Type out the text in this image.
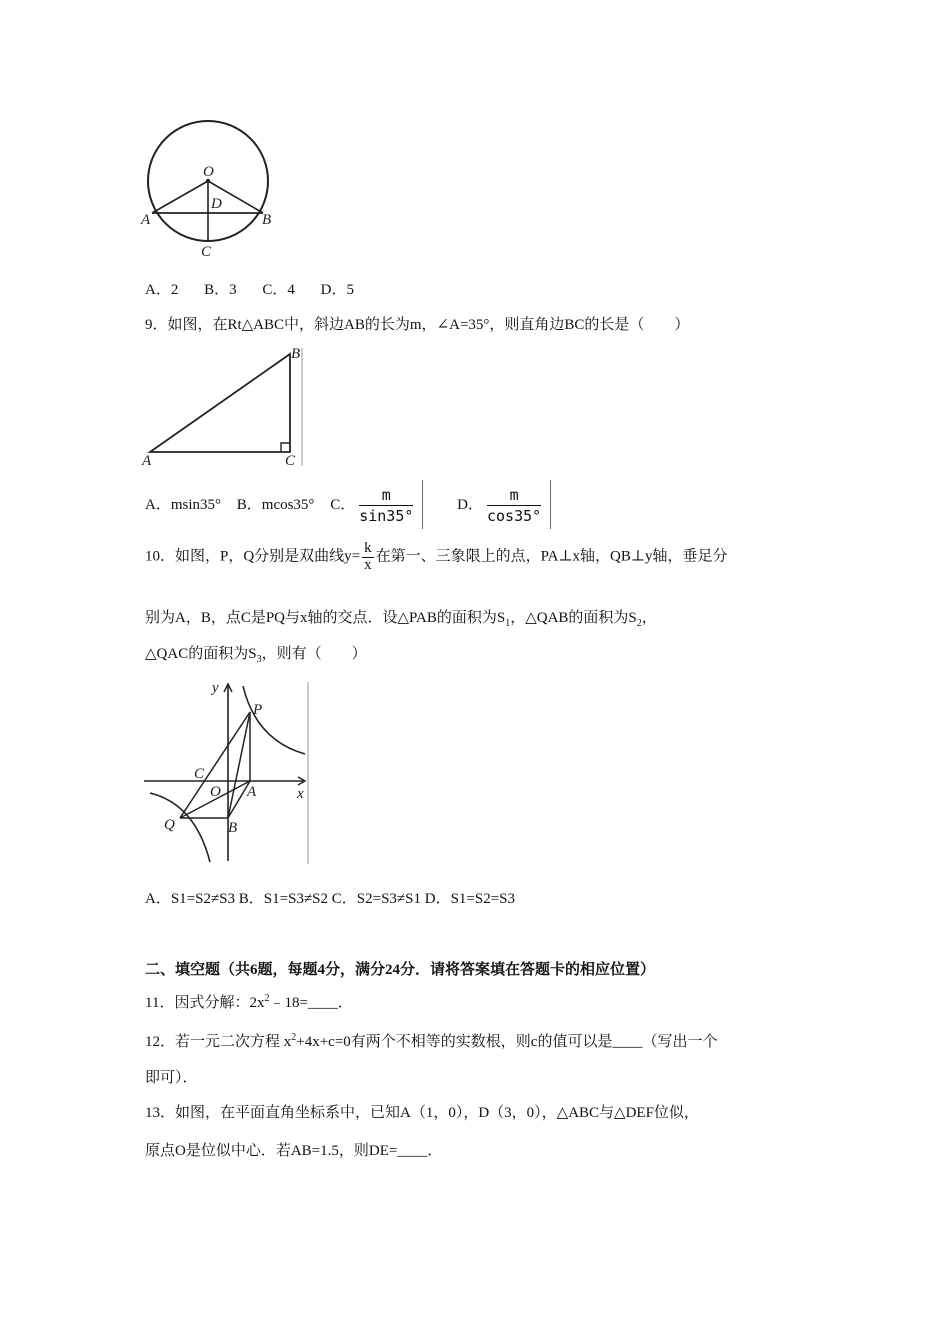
O
D
A	B
C
A．2 B．3 C．4 D．5
9．如图，在Rt△ABC中，斜边AB的长为m，∠A=35°，则直角边BC的长是（　　）
B
A	C
A．msin35° B．mcos35° C． $\frac{m}{\sin 35^\circ}$ D． $\frac{m}{\cos 35^\circ}$
10．如图，P，Q分别是双曲线$y= \frac{k}{x}$ 在第一、三象限上的点，PA⊥x轴，QB⊥y轴，垂足分
别为A，B，点C是PQ与x轴的交点．设△PAB的面积为$S_1$，△QAB的面积为$S_2$，
△QAC的面积为$S_3$，则有（　　）
y
x
P
C
O A
Q	B
A．S1=S2≠S3 B．S1=S3≠S2 C．S2=S3≠S1 D．S1=S2=S3
二、填空题（共6题，每题4分，满分24分．请将答案填在答题卡的相应位置）
11．因式分解：$2x^2﹣18=\_\_\_\_$．
12．若一元二次方程 $x^2+4x+c=0$有两个不相等的实数根，则c的值可以是____（写出一个
即可）．
13．如图，在平面直角坐标系中，已知A（1，0），D（3，0），△ABC与△DEF位似，
原点O是位似中心．若AB=1.5，则DE=____．
